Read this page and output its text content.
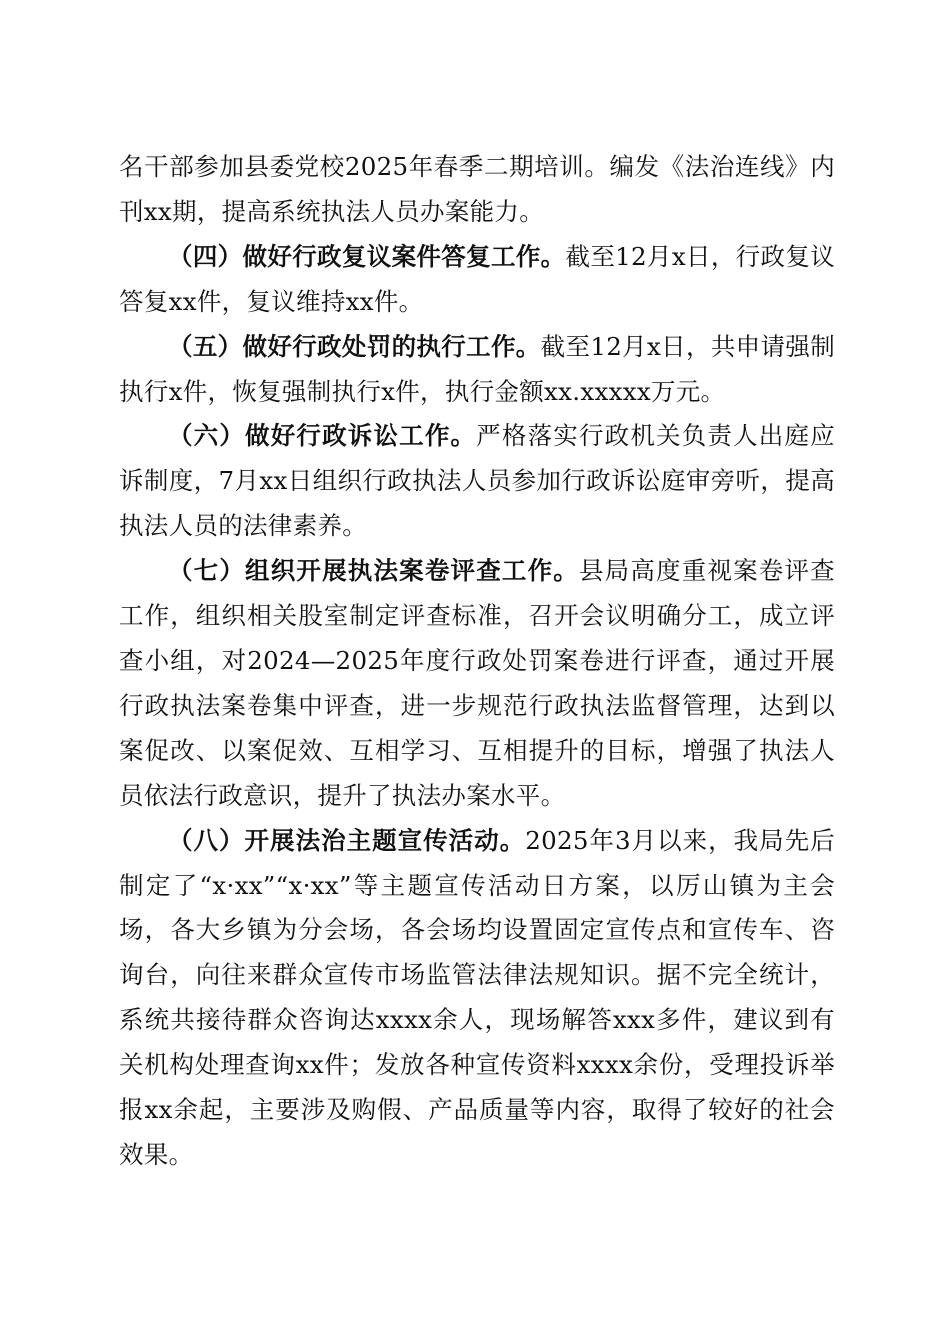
名干部参加县委党校2025年春季二期培训。编发《法治连线》内刊xx期，提高系统执法人员办案能力。

（四）做好行政复议案件答复工作。截至12月x日，行政复议答复xx件，复议维持xx件。

（五）做好行政处罚的执行工作。截至12月x日，共申请强制执行x件，恢复强制执行x件，执行金额xx.xxxxx万元。

（六）做好行政诉讼工作。严格落实行政机关负责人出庭应诉制度，7月xx日组织行政执法人员参加行政诉讼庭审旁听，提高执法人员的法律素养。

（七）组织开展执法案卷评查工作。县局高度重视案卷评查工作，组织相关股室制定评查标准，召开会议明确分工，成立评查小组，对2024—2025年度行政处罚案卷进行评查，通过开展行政执法案卷集中评查，进一步规范行政执法监督管理，达到以案促改、以案促效、互相学习、互相提升的目标，增强了执法人员依法行政意识，提升了执法办案水平。

（八）开展法治主题宣传活动。2025年3月以来，我局先后制定了“x·xx”“x·xx”等主题宣传活动日方案，以厉山镇为主会场，各大乡镇为分会场，各会场均设置固定宣传点和宣传车、咨询台，向往来群众宣传市场监管法律法规知识。据不完全统计，系统共接待群众咨询达xxxx余人，现场解答xxx多件，建议到有关机构处理查询xx件；发放各种宣传资料xxxx余份，受理投诉举报xx余起，主要涉及购假、产品质量等内容，取得了较好的社会效果。
